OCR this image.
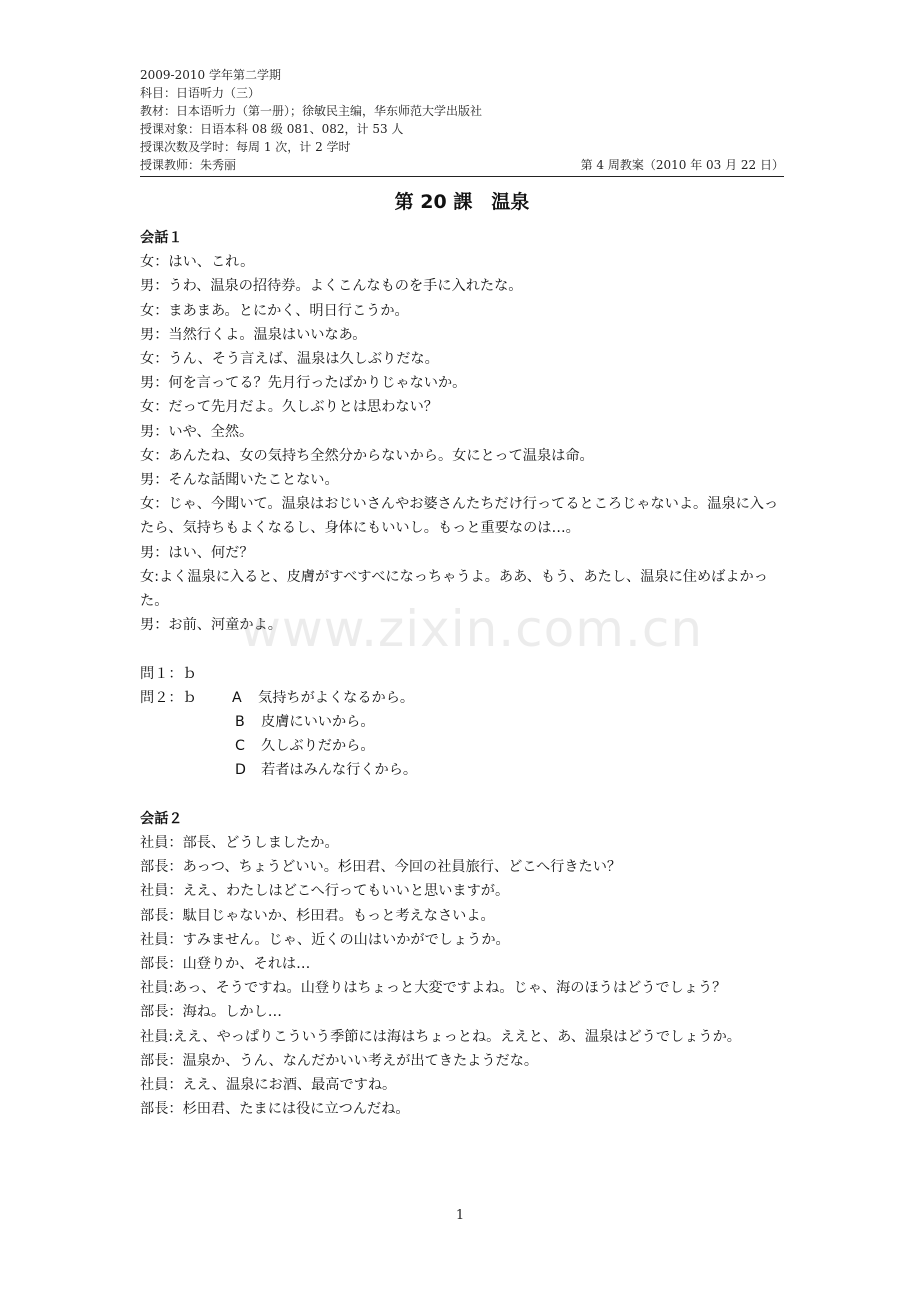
2009-2010 学年第二学期
科目：日语听力（三）
教材：日本语听力（第一册）；徐敏民主编，华东师范大学出版社
授课对象：日语本科 08 级 081、082，计 53 人
授课次数及学时：每周 1 次，计 2 学时
授课教师：朱秀丽	第 4 周教案（2010 年 03 月 22 日）
第 20 課　温泉
会話１
女：はい、これ。
男：うわ、温泉の招待券。よくこんなものを手に入れたな。
女：まあまあ。とにかく、明日行こうか。
男：当然行くよ。温泉はいいなあ。
女：うん、そう言えば、温泉は久しぶりだな。
男：何を言ってる？先月行ったばかりじゃないか。
女：だって先月だよ。久しぶりとは思わない？
男：いや、全然。
女：あんたね、女の気持ち全然分からないから。女にとって温泉は命。
男：そんな話聞いたことない。
女：じゃ、今聞いて。温泉はおじいさんやお婆さんたちだけ行ってるところじゃないよ。温泉に入ったら、気持ちもよくなるし、身体にもいいし。もっと重要なのは…。
男：はい、何だ？
女:よく温泉に入ると、皮膚がすべすべになっちゃうよ。ああ、もう、あたし、温泉に住めばよかった。
男：お前、河童かよ。
問１：ｂ
問２：ｂ	A	気持ちがよくなるから。
B	皮膚にいいから。
C	久しぶりだから。
D	若者はみんな行くから。
会話２
社員：部長、どうしましたか。
部長：あっつ、ちょうどいい。杉田君、今回の社員旅行、どこへ行きたい？
社員：ええ、わたしはどこへ行ってもいいと思いますが。
部長：駄目じゃないか、杉田君。もっと考えなさいよ。
社員：すみません。じゃ、近くの山はいかがでしょうか。
部長：山登りか、それは…
社員:あっ、そうですね。山登りはちょっと大変ですよね。じゃ、海のほうはどうでしょう？
部長：海ね。しかし…
社員:ええ、やっぱりこういう季節には海はちょっとね。ええと、あ、温泉はどうでしょうか。
部長：温泉か、うん、なんだかいい考えが出てきたようだな。
社員：ええ、温泉にお酒、最高ですね。
部長：杉田君、たまには役に立つんだね。
www.zixin.com.cn
1
